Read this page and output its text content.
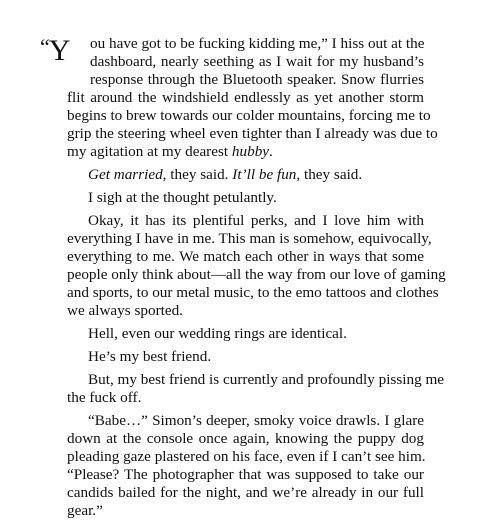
“Y ou have got to be fucking kidding me,” I hiss out at the
dashboard, nearly seething as I wait for my husband’s
response through the Bluetooth speaker. Snow flurries
flit around the windshield endlessly as yet another storm
begins to brew towards our colder mountains, forcing me to
grip the steering wheel even tighter than I already was due to
my agitation at my dearest hubby.
Get married, they said. It’ll be fun, they said.
I sigh at the thought petulantly.
Okay, it has its plentiful perks, and I love him with
everything I have in me. This man is somehow, equivocally,
everything to me. We match each other in ways that some
people only think about—all the way from our love of gaming
and sports, to our metal music, to the emo tattoos and clothes
we always sported.
Hell, even our wedding rings are identical.
He’s my best friend.
But, my best friend is currently and profoundly pissing me
the fuck off.
“Babe…” Simon’s deeper, smoky voice drawls. I glare
down at the console once again, knowing the puppy dog
pleading gaze plastered on his face, even if I can’t see him.
“Please? The photographer that was supposed to take our
candids bailed for the night, and we’re already in our full
gear.”
